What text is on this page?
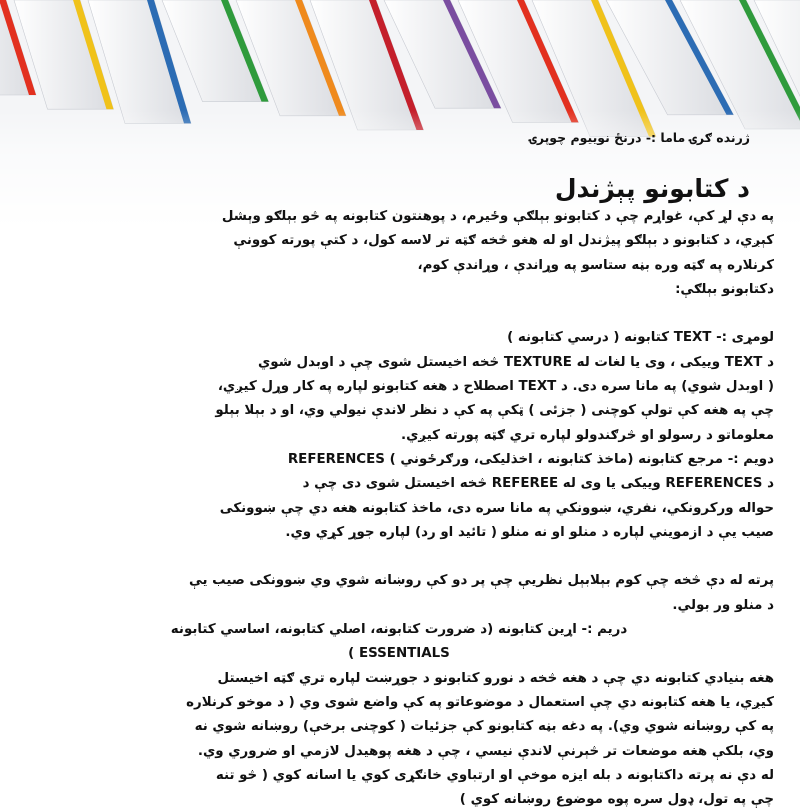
ژرنده ګرۍ ماما :- درنځ نوییوم چوپرۍ
د کتابونو پېژندل

په دې لړ کې، غواړم چې د کتابونو بېلګې وځيرم، د پوهنتون کتابونه په څو بېلګو وېشل

کېږي، د کتابونو د بېلګو پیژندل او له هغو څخه ګټه تر لاسه کول، د کتې پورته کوونې

کرنلاره په ګټه وره بڼه ستاسو په وړاندې ، وړاندې کوم،

دکتابونو بېلګې:

لومړی :- TEXT کتابونه ( درسي کتابونه )

د TEXT وييکی ، وی يا لغات له TEXTURE څخه اخيستل شوی چې د اوبدل شوي

( اوبدل شوي) په مانا سره دی. د TEXT اصطلاح د هغه کتابونو لپاره په کار وړل کيږي،

چې په هغه کې تولې کوچنی ( جزئی ) ټکې په کې د نظر لاندې نيولي وي، او د بېلا بېلو

معلوماتو د رسولو او څرګندولو لپاره تري ګټه پورته کيږي.

دويم :- مرجع کتابونه (ماخذ کتابونه ، اخذليکی، ورګرځوني ) REFERENCES

د REFERENCES وييکی يا وی له REFEREE څخه اخيستل شوی دی چې د

حواله ورکرونکي، نفري، ښوونکي په مانا سره دی، ماخذ کتابونه هغه دي چې ښوونکی

صيب يې د ازمويني لپاره د منلو او نه منلو ( تائيد او رد) لپاره جوړ کړي وي.

پرته له دې څخه چې کوم بېلابېل نظريې چې پر دو کې روښانه شوي وي ښوونکی صيب يې

د منلو ور بولي.

دريم :- اړين کتابونه (د ضرورت کتابونه، اصلي کتابونه، اساسي کتابونه

ESSENTIALS )

هغه بنيادي کتابونه دي چې د هغه څخه د نورو کتابونو د جوړښت لپاره تري ګټه اخيستل

کيږي، يا هغه کتابونه دي چې استعمال د موضوعاتو په کې واضع شوی وي ( د موخو کرنلاره

په کې روښانه شوي وي). په دغه بڼه کتابونو کې جزئيات ( کوچنی برخې) روښانه شوي نه

وي، بلکې هغه موضعات تر څېرنې لاندې نيسي ، چې د هغه پوهيدل لازمي او ضروري وي.

له دې نه پرته داکتابونه د بله ايزه موخې او ارتباوي خانګړی کوي يا اسانه کوي ( څو تنه

چې په تول، ډول سره پوه موضوع روښانه کوي )
